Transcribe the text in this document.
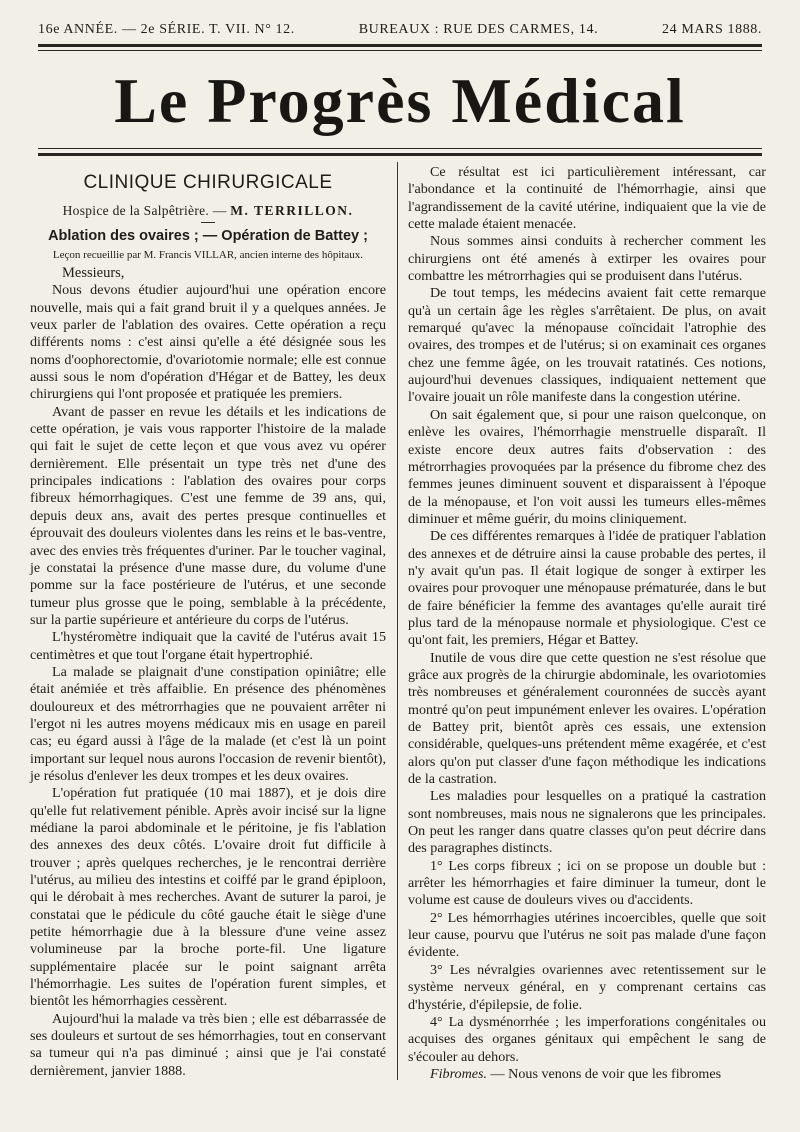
16e ANNÉE. — 2e SÉRIE. T. VII. N° 12.	BUREAUX : RUE DES CARMES, 14.	24 MARS 1888.
Le Progrès Médical
CLINIQUE CHIRURGICALE
Hospice de la Salpêtrière. — M. TERRILLON.
Ablation des ovaires ; — Opération de Battey ;
Leçon recueillie par M. Francis VILLAR, ancien interne des hôpitaux.

Messieurs,

Nous devons étudier aujourd'hui une opération encore nouvelle, mais qui a fait grand bruit il y a quelques années. Je veux parler de l'ablation des ovaires. Cette opération a reçu différents noms : c'est ainsi qu'elle a été désignée sous les noms d'oophorectomie, d'ovariotomie normale; elle est connue aussi sous le nom d'opération d'Hégar et de Battey, les deux chirurgiens qui l'ont proposée et pratiquée les premiers.

Avant de passer en revue les détails et les indications de cette opération, je vais vous rapporter l'histoire de la malade qui fait le sujet de cette leçon et que vous avez vu opérer dernièrement. Elle présentait un type très net d'une des principales indications : l'ablation des ovaires pour corps fibreux hémorrhagiques. C'est une femme de 39 ans, qui, depuis deux ans, avait des pertes presque continuelles et éprouvait des douleurs violentes dans les reins et le bas-ventre, avec des envies très fréquentes d'uriner. Par le toucher vaginal, je constatai la présence d'une masse dure, du volume d'une pomme sur la face postérieure de l'utérus, et une seconde tumeur plus grosse que le poing, semblable à la précédente, sur la partie supérieure et antérieure du corps de l'utérus.

L'hystéromètre indiquait que la cavité de l'utérus avait 15 centimètres et que tout l'organe était hypertrophié.

La malade se plaignait d'une constipation opiniâtre; elle était anémiée et très affaiblie. En présence des phénomènes douloureux et des métrorrhagies que ne pouvaient arrêter ni l'ergot ni les autres moyens médicaux mis en usage en pareil cas; eu égard aussi à l'âge de la malade (et c'est là un point important sur lequel nous aurons l'occasion de revenir bientôt), je résolus d'enlever les deux trompes et les deux ovaires.

L'opération fut pratiquée (10 mai 1887), et je dois dire qu'elle fut relativement pénible. Après avoir incisé sur la ligne médiane la paroi abdominale et le péritoine, je fis l'ablation des annexes des deux côtés. L'ovaire droit fut difficile à trouver ; après quelques recherches, je le rencontrai derrière l'utérus, au milieu des intestins et coiffé par le grand épiploon, qui le dérobait à mes recherches. Avant de suturer la paroi, je constatai que le pédicule du côté gauche était le siège d'une petite hémorrhagie due à la blessure d'une veine assez volumineuse par la broche porte-fil. Une ligature supplémentaire placée sur le point saignant arrêta l'hémorrhagie. Les suites de l'opération furent simples, et bientôt les hémorrhagies cessèrent.

Aujourd'hui la malade va très bien ; elle est débarrassée de ses douleurs et surtout de ses hémorrhagies, tout en conservant sa tumeur qui n'a pas diminué ; ainsi que je l'ai constaté dernièrement, janvier 1888.

Ce résultat est ici particulièrement intéressant, car l'abondance et la continuité de l'hémorrhagie, ainsi que l'agrandissement de la cavité utérine, indiquaient que la vie de cette malade étaient menacée.

Nous sommes ainsi conduits à rechercher comment les chirurgiens ont été amenés à extirper les ovaires pour combattre les métrorrhagies qui se produisent dans l'utérus.

De tout temps, les médecins avaient fait cette remarque qu'à un certain âge les règles s'arrêtaient. De plus, on avait remarqué qu'avec la ménopause coïncidait l'atrophie des ovaires, des trompes et de l'utérus; si on examinait ces organes chez une femme âgée, on les trouvait ratatinés. Ces notions, aujourd'hui devenues classiques, indiquaient nettement que l'ovaire jouait un rôle manifeste dans la congestion utérine.

On sait également que, si pour une raison quelconque, on enlève les ovaires, l'hémorrhagie menstruelle disparaît. Il existe encore deux autres faits d'observation : des métrorrhagies provoquées par la présence du fibrome chez des femmes jeunes diminuent souvent et disparaissent à l'époque de la ménopause, et l'on voit aussi les tumeurs elles-mêmes diminuer et même guérir, du moins cliniquement.

De ces différentes remarques à l'idée de pratiquer l'ablation des annexes et de détruire ainsi la cause probable des pertes, il n'y avait qu'un pas. Il était logique de songer à extirper les ovaires pour provoquer une ménopause prématurée, dans le but de faire bénéficier la femme des avantages qu'elle aurait tiré plus tard de la ménopause normale et physiologique. C'est ce qu'ont fait, les premiers, Hégar et Battey.

Inutile de vous dire que cette question ne s'est résolue que grâce aux progrès de la chirurgie abdominale, les ovariotomies très nombreuses et généralement couronnées de succès ayant montré qu'on peut impunément enlever les ovaires. L'opération de Battey prit, bientôt après ces essais, une extension considérable, quelques-uns prétendent même exagérée, et c'est alors qu'on put classer d'une façon méthodique les indications de la castration.

Les maladies pour lesquelles on a pratiqué la castration sont nombreuses, mais nous ne signalerons que les principales. On peut les ranger dans quatre classes qu'on peut décrire dans des paragraphes distincts.

1° Les corps fibreux ; ici on se propose un double but : arrêter les hémorrhagies et faire diminuer la tumeur, dont le volume est cause de douleurs vives ou d'accidents.

2° Les hémorrhagies utérines incoercibles, quelle que soit leur cause, pourvu que l'utérus ne soit pas malade d'une façon évidente.

3° Les névralgies ovariennes avec retentissement sur le système nerveux général, en y comprenant certains cas d'hystérie, d'épilepsie, de folie.

4° La dysménorrhée ; les imperforations congénitales ou acquises des organes génitaux qui empêchent le sang de s'écouler au dehors.

Fibromes. — Nous venons de voir que les fibromes
